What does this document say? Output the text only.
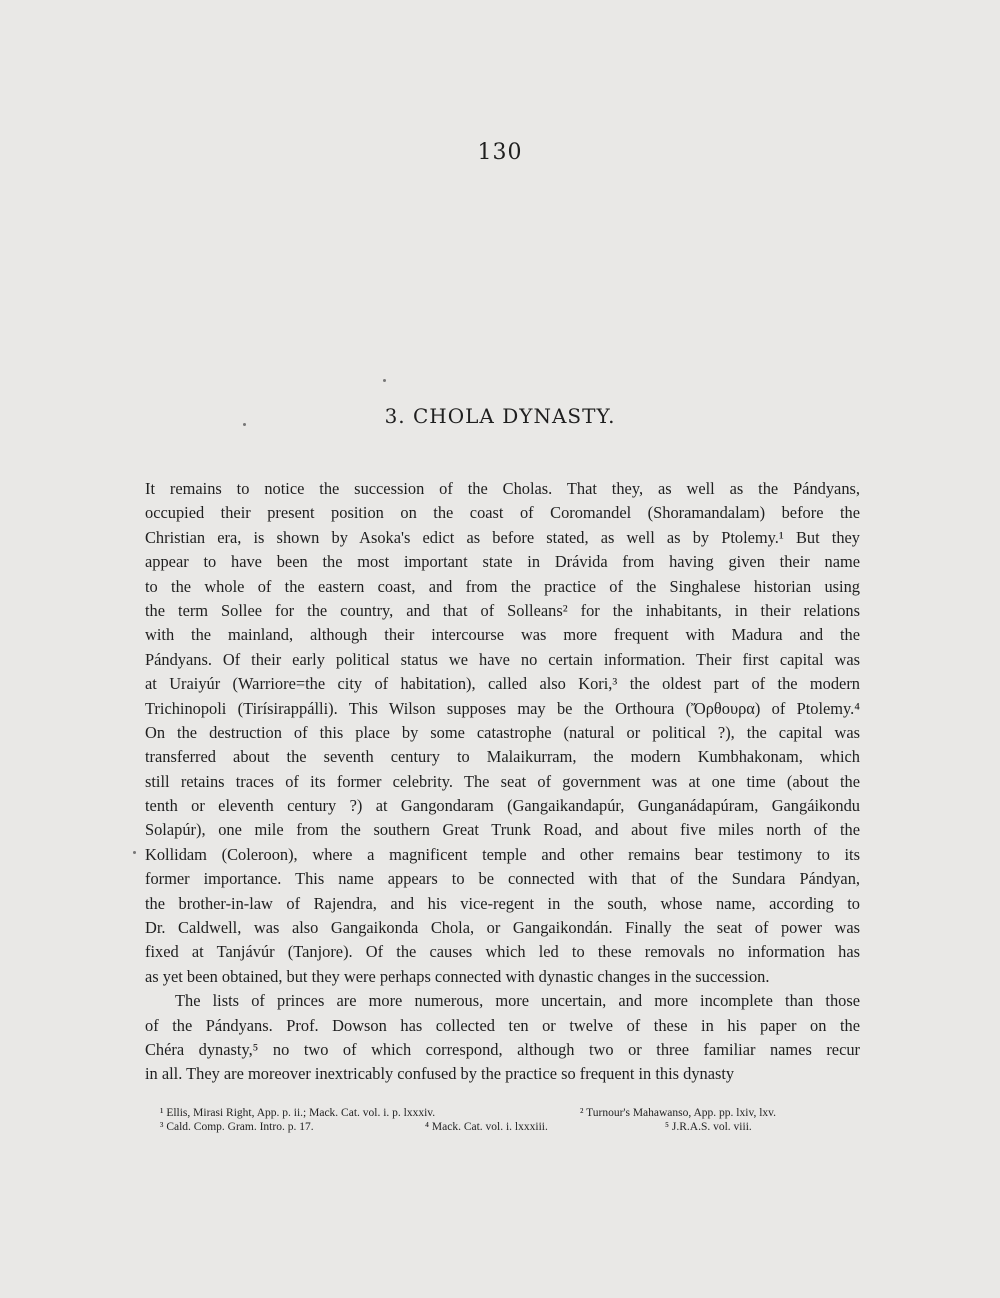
130
3. CHOLA DYNASTY.
It remains to notice the succession of the Cholas. That they, as well as the Pándyans,
occupied their present position on the coast of Coromandel (Shoramandalam) before the
Christian era, is shown by Asoka's edict as before stated, as well as by Ptolemy.¹ But they
appear to have been the most important state in Drávida from having given their name
to the whole of the eastern coast, and from the practice of the Singhalese historian using
the term Sollee for the country, and that of Solleans² for the inhabitants, in their relations
with the mainland, although their intercourse was more frequent with Madura and the
Pándyans. Of their early political status we have no certain information. Their first capital was
at Uraiyúr (Warriore=the city of habitation), called also Kori,³ the oldest part of the modern
Trichinopoli (Tirísirappálli). This Wilson supposes may be the Orthoura (Ὄρθουρα) of Ptolemy.⁴
On the destruction of this place by some catastrophe (natural or political ?), the capital was
transferred about the seventh century to Malaikurram, the modern Kumbhakonam, which
still retains traces of its former celebrity. The seat of government was at one time (about the
tenth or eleventh century ?) at Gangondaram (Gangaikandapúr, Gunganádapúram, Gangáikondu
Solapúr), one mile from the southern Great Trunk Road, and about five miles north of the
Kollidam (Coleroon), where a magnificent temple and other remains bear testimony to its
former importance. This name appears to be connected with that of the Sundara Pándyan,
the brother-in-law of Rajendra, and his vice-regent in the south, whose name, according to
Dr. Caldwell, was also Gangaikonda Chola, or Gangaikondán. Finally the seat of power was
fixed at Tanjávúr (Tanjore). Of the causes which led to these removals no information has
as yet been obtained, but they were perhaps connected with dynastic changes in the succession.
The lists of princes are more numerous, more uncertain, and more incomplete than those
of the Pándyans. Prof. Dowson has collected ten or twelve of these in his paper on the
Chéra dynasty,⁵ no two of which correspond, although two or three familiar names recur
in all. They are moreover inextricably confused by the practice so frequent in this dynasty
¹ Ellis, Mirasi Right, App. p. ii.; Mack. Cat. vol. i. p. lxxxiv.	² Turnour's Mahawanso, App. pp. lxiv, lxv.
³ Cald. Comp. Gram. Intro. p. 17.	⁴ Mack. Cat. vol. i. lxxxiii.	⁵ J.R.A.S. vol. viii.
